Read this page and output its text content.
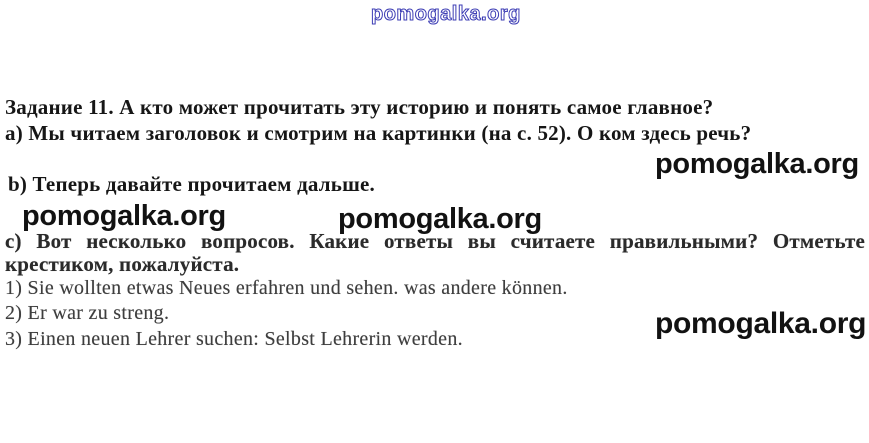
pomogalka.org
pomogalka.org
pomogalka.org	pomogalka.org
pomogalka.org
Задание 11. А кто может прочитать эту историю и понять самое главное?
а) Мы читаем заголовок и смотрим на картинки (на с. 52). О ком здесь речь?
b) Теперь давайте прочитаем дальше.
с) Вот несколько вопросов. Какие ответы вы считаете правильными? Отметьте
крестиком, пожалуйста.
1) Sie wollten etwas Neues erfahren und sehen. was andere können.
2) Er war zu streng.
3) Einen neuen Lehrer suchen: Selbst Lehrerin werden.
